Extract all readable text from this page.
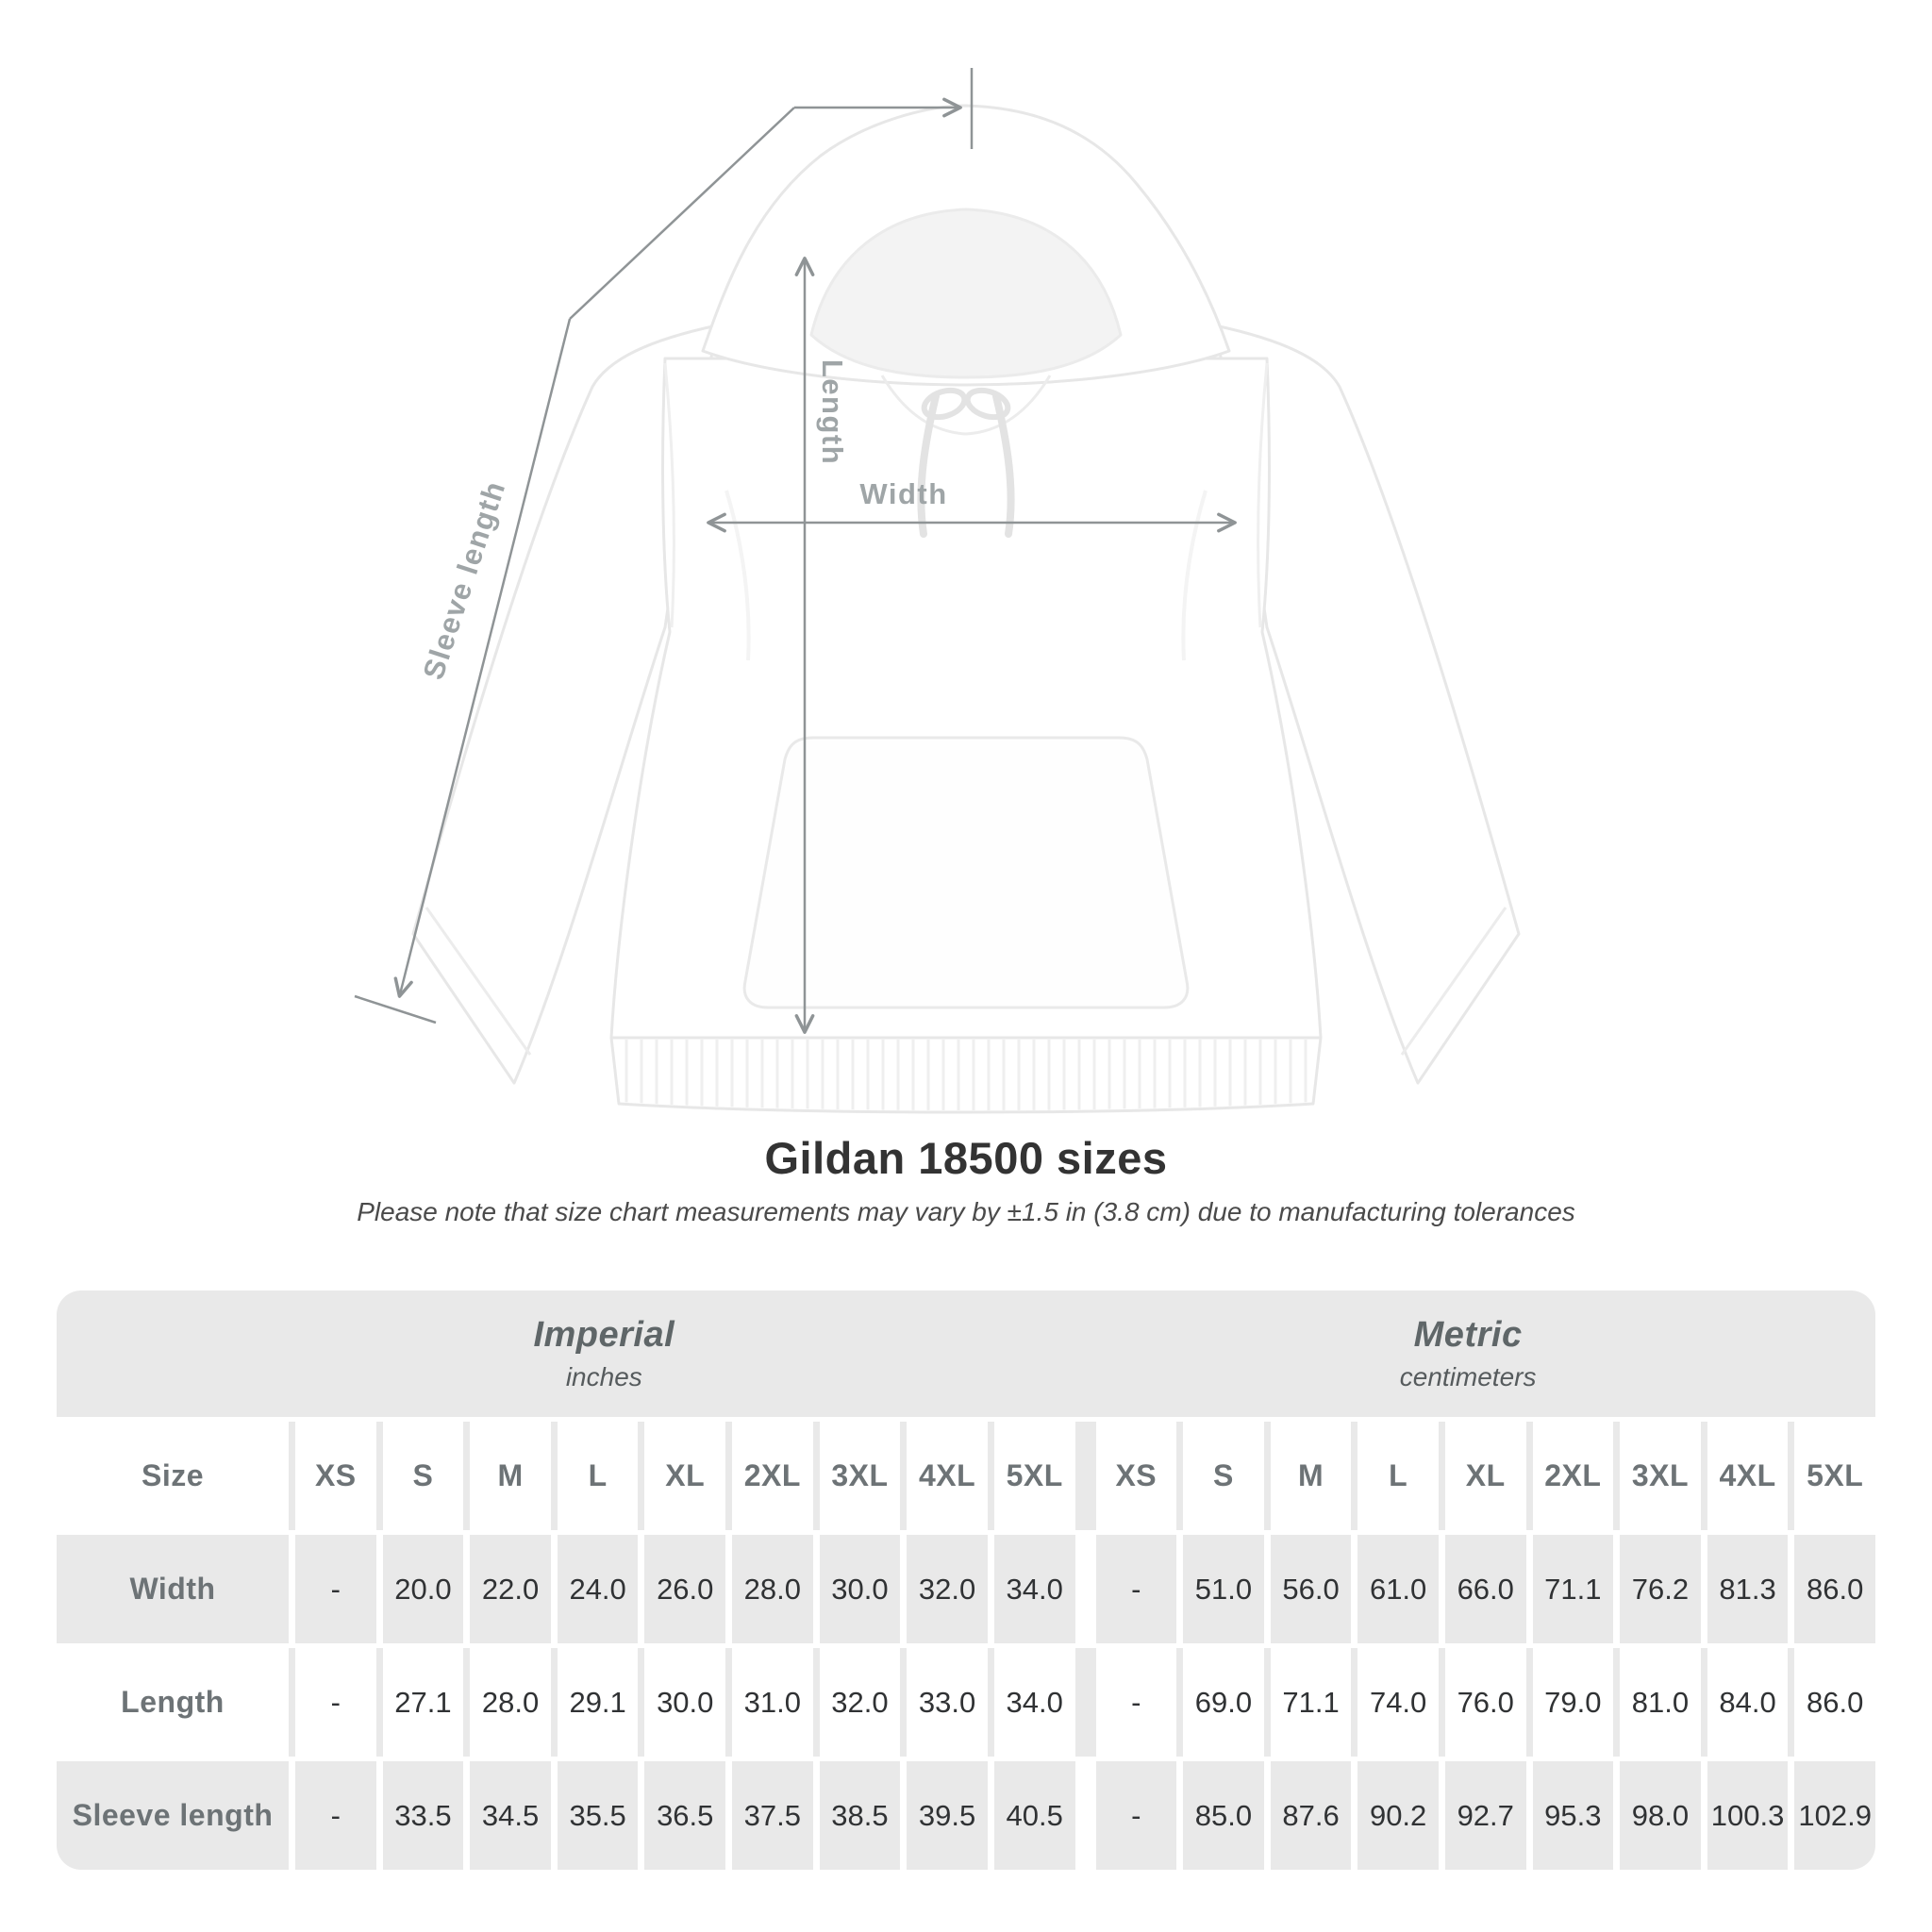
Width
Length
Sleeve length
Gildan 18500 sizes

Please note that size chart measurements may vary by ±1.5 in (3.8 cm) due to manufacturing tolerances

Imperial
inches
Metric
centimeters
Size	XS S M L XL 2XL 3XL 4XL 5XL XS S M L XL 2XL 3XL 4XL 5XL
Width	- 20.0 22.0 24.0 26.0 28.0 30.0 32.0 34.0 - 51.0 56.0 61.0 66.0 71.1 76.2 81.3 86.0
Length	- 27.1 28.0 29.1 30.0 31.0 32.0 33.0 34.0 - 69.0 71.1 74.0 76.0 79.0 81.0 84.0 86.0
Sleeve length - 33.5 34.5 35.5 36.5 37.5 38.5 39.5 40.5 - 85.0 87.6 90.2 92.7 95.3 98.0 100.3 102.9
